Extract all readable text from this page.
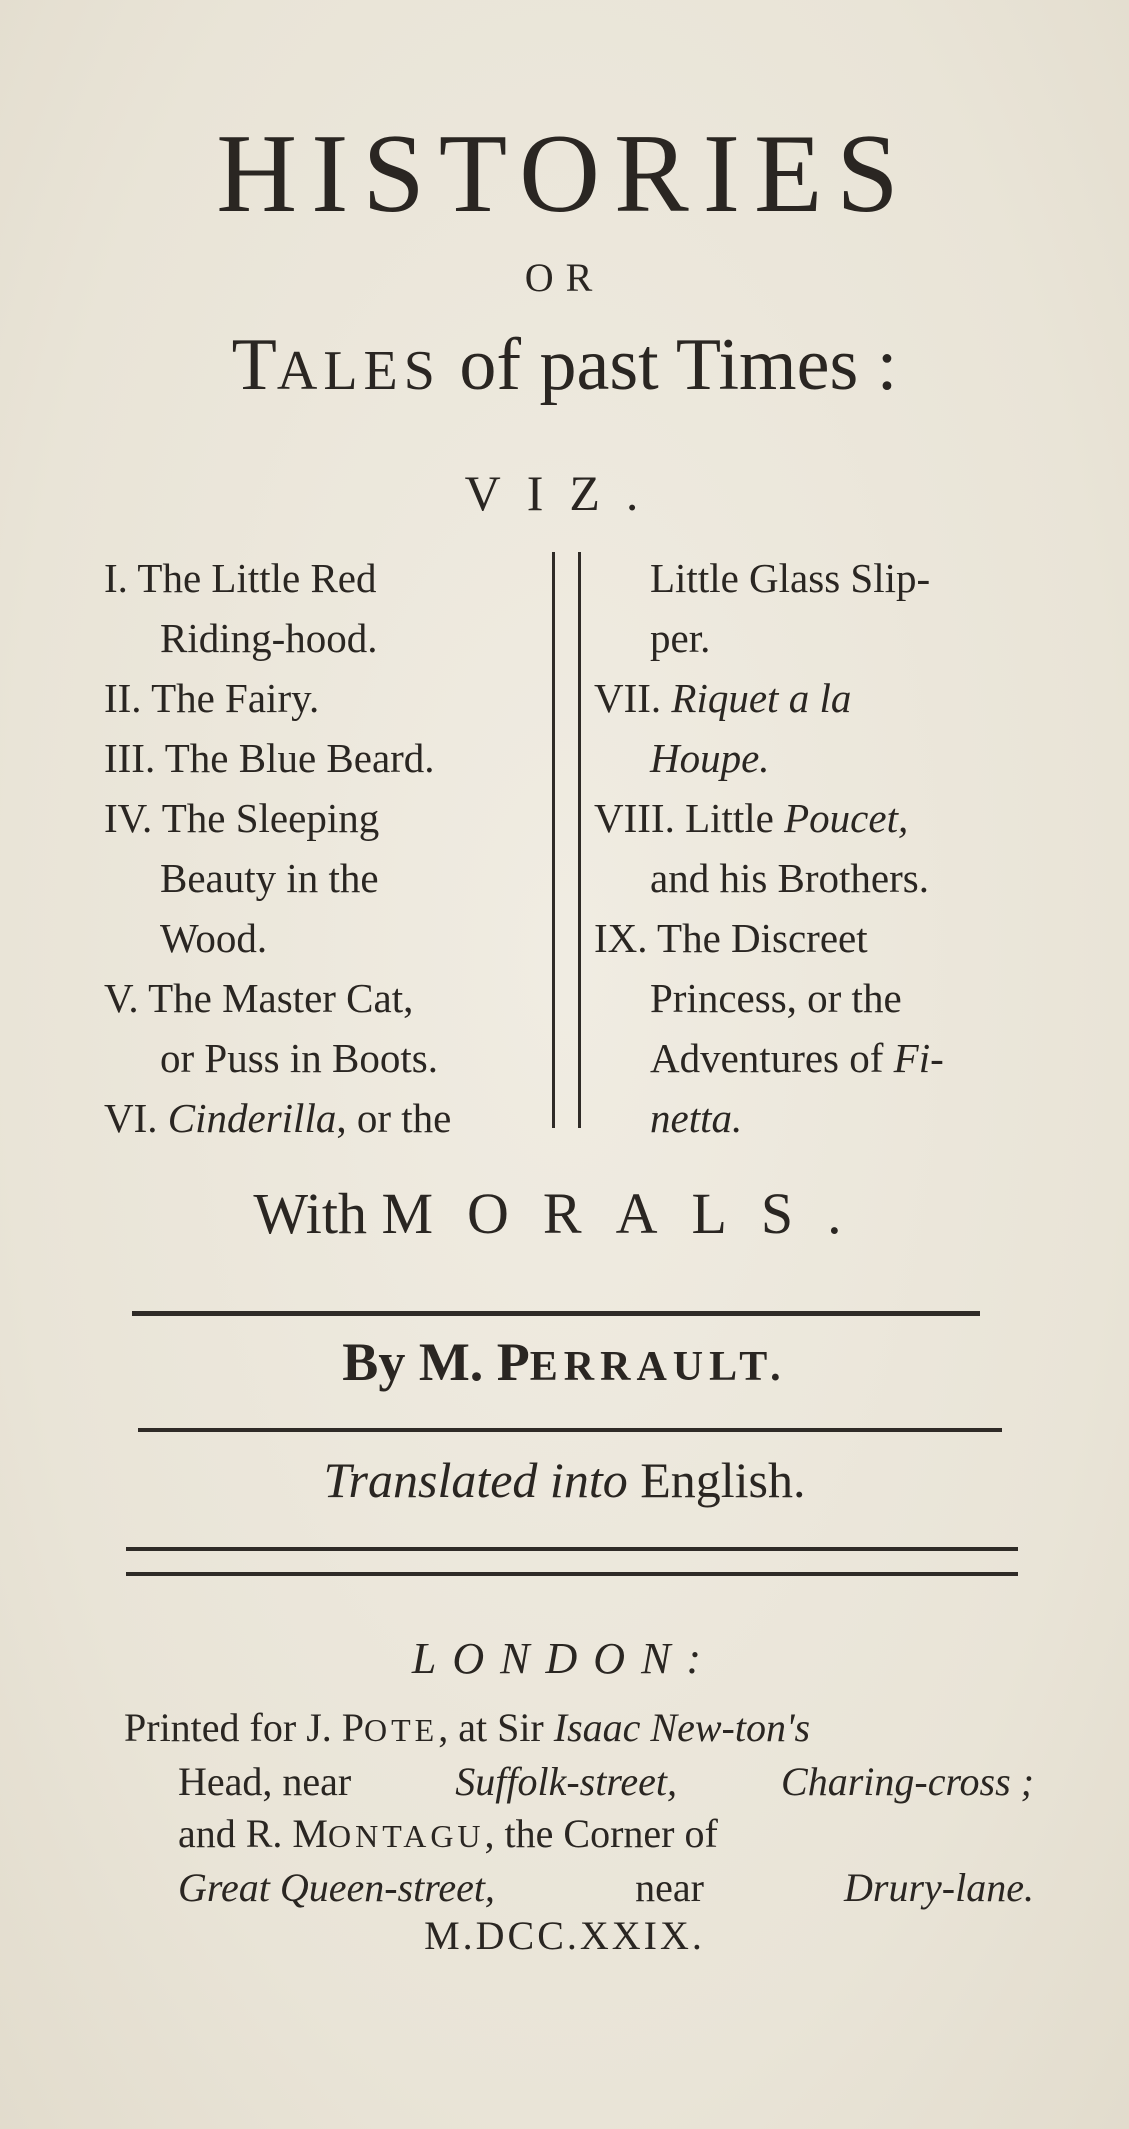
HISTORIES
OR
TALES of past Times :
VIZ.
I. The Little Red
Riding-hood.
II. The Fairy.
III. The Blue Beard.
IV. The Sleeping
Beauty in the
Wood.
V. The Master Cat,
or Puss in Boots.
VI. Cinderilla, or the
Little Glass Slip-
per.
VII. Riquet a la
Houpe.
VIII. Little Poucet,
and his Brothers.
IX. The Discreet
Princess, or the
Adventures of Fi-
netta.
With MORALS.
By M. PERRAULT.
Translated into English.
LONDON:
Printed for J. POTE, at Sir Isaac New-ton's
Head, near	Suffolk-street,	Charing-cross ;
and R. MONTAGU, the Corner of
Great Queen-street,	near	Drury-lane.
M.DCC.XXIX.
